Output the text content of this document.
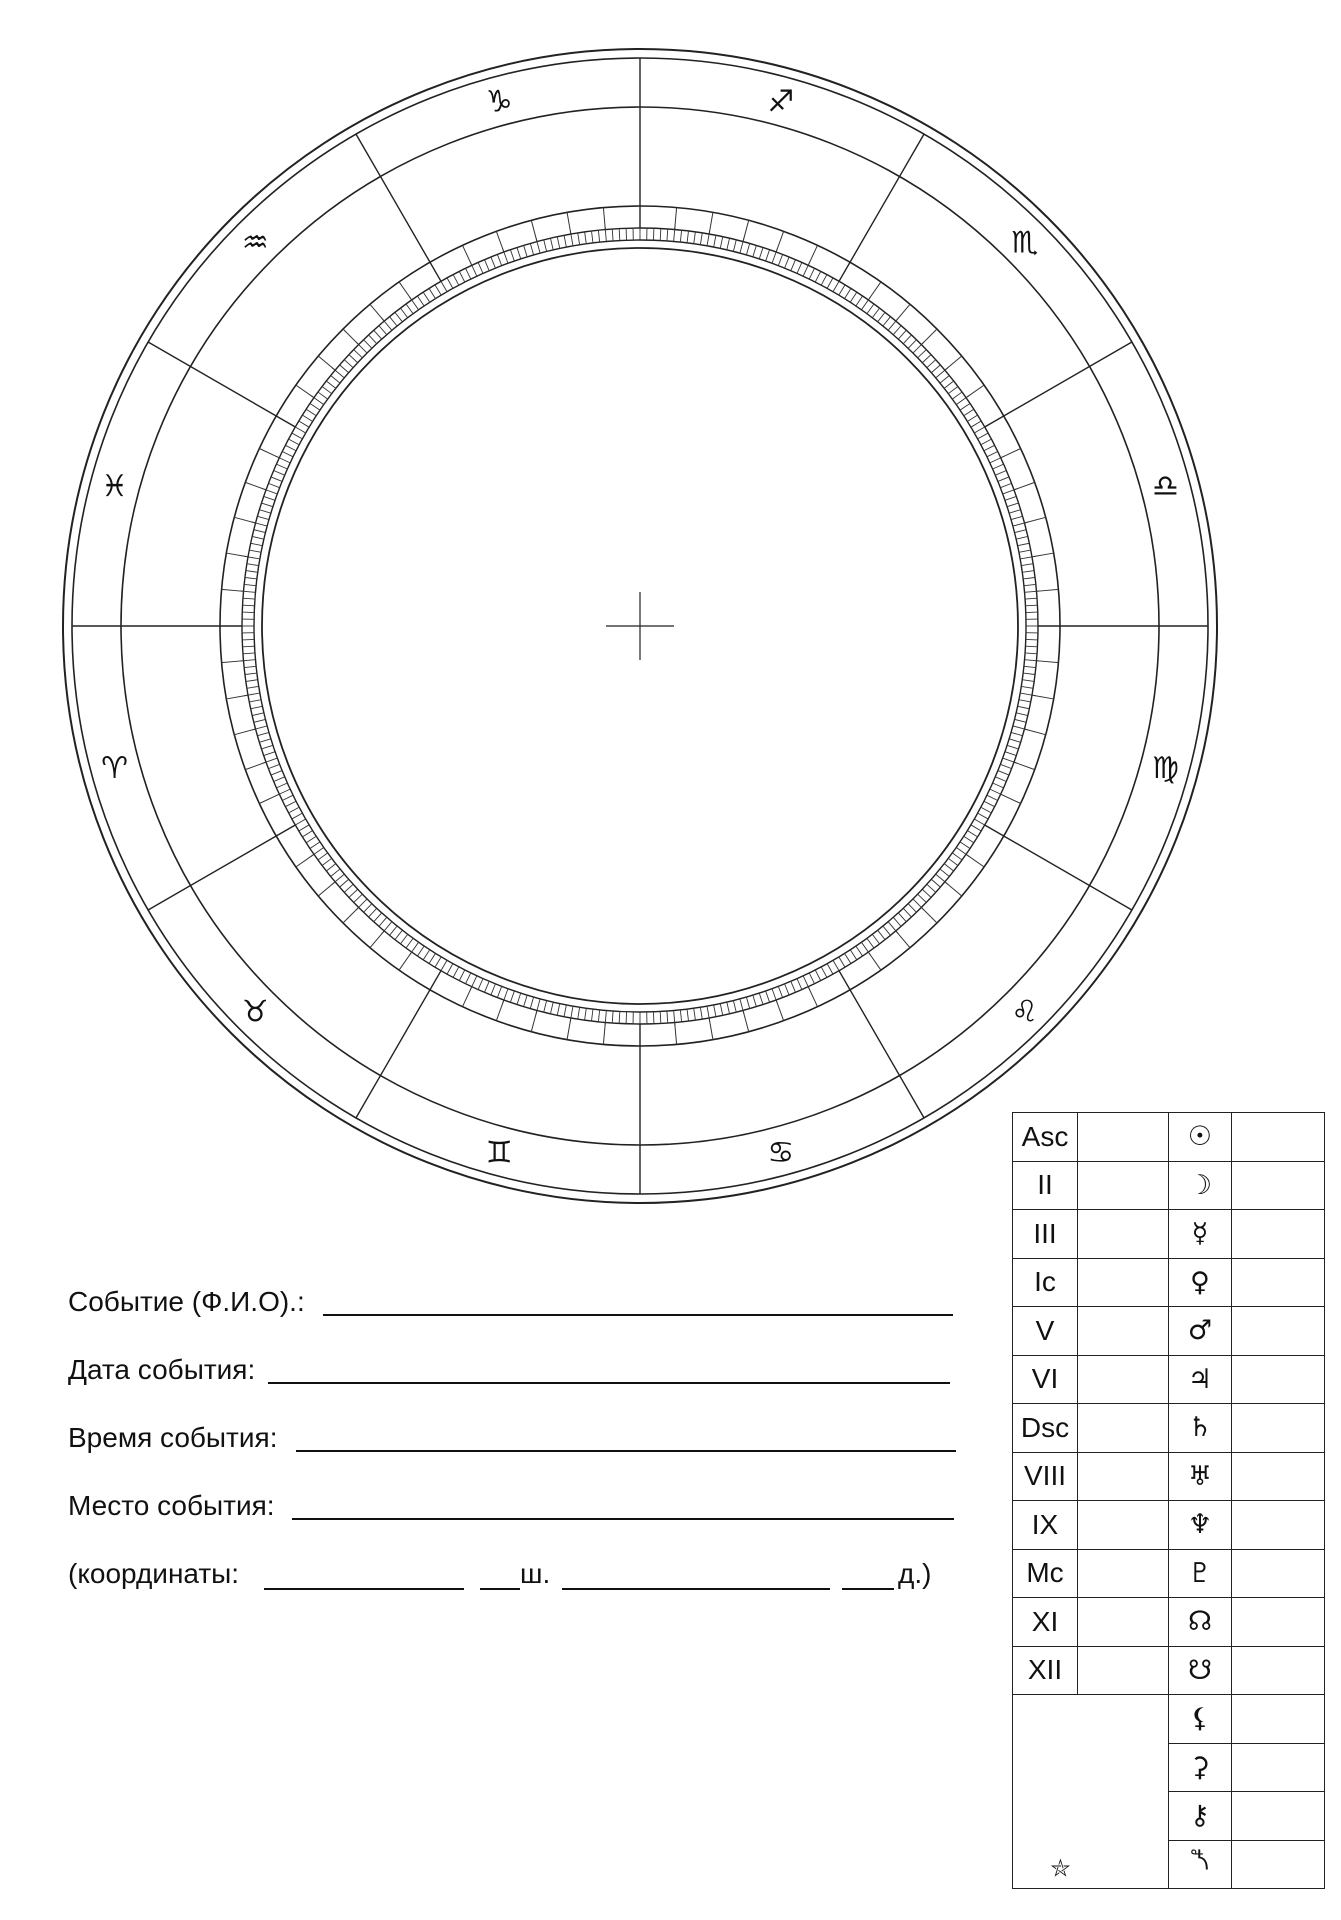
♑	♐
♏
♎
♍
♌
♋
♊
♉
♈
♓
♒
Событие (Ф.И.О).:
Дата события:
Время события:
Место события:
(координаты:	ш.	д.)
Asc		☉	
II		☽	
III		☿	
Ic		♀	
V		♂	
VI		♃	
Dsc		♄	
VIII		♅	
IX		♆	
Mc		♇	
XI		☊	
XII		☋	
⛥		⚸	
		⚳	
		⚷	
		⯲	
